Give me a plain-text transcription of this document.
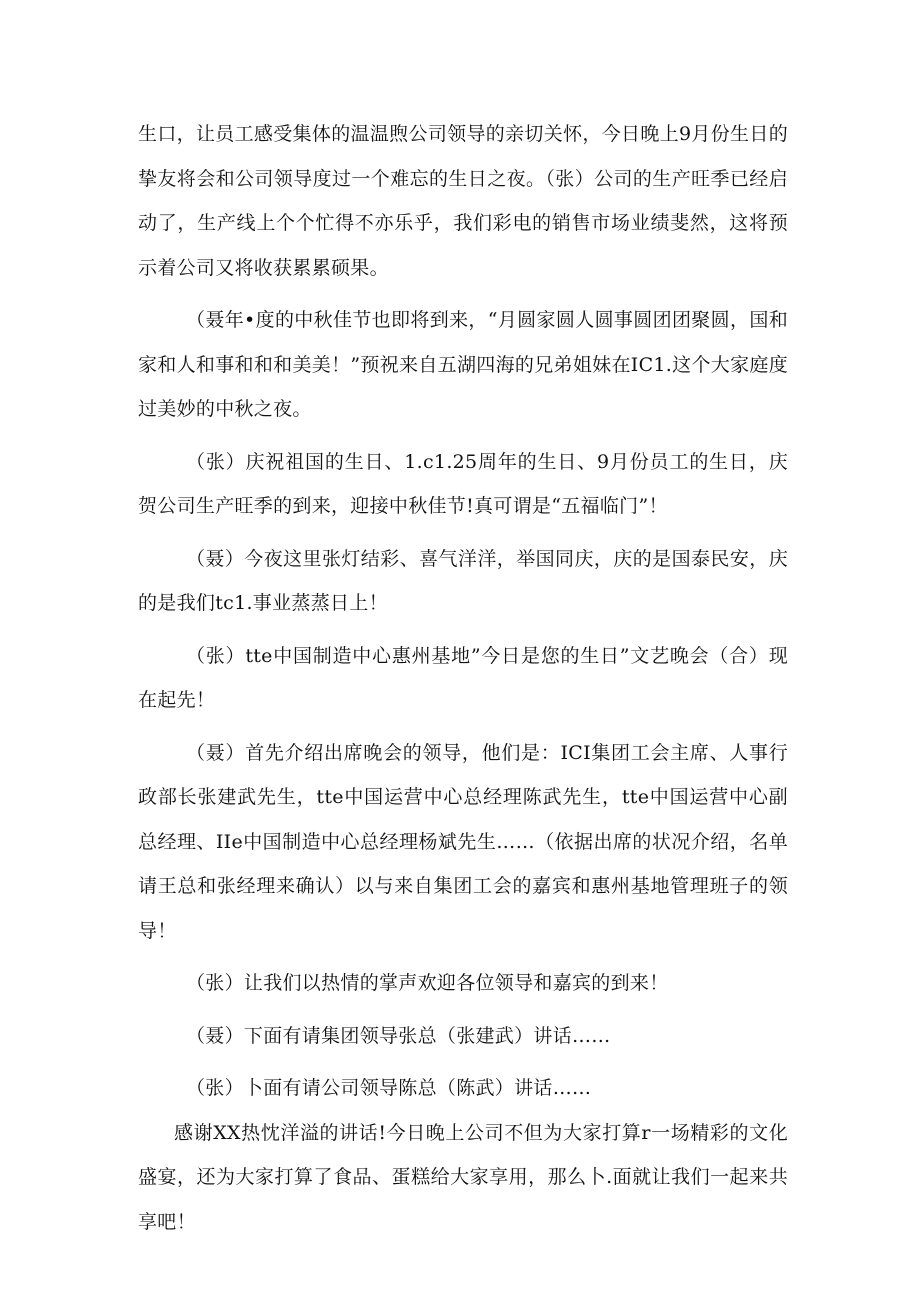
生口，让员工感受集体的温温煦公司领导的亲切关怀，今日晚上9月份生日的挚友将会和公司领导度过一个难忘的生日之夜。（张）公司的生产旺季已经启动了，生产线上个个忙得不亦乐乎，我们彩电的销售市场业绩斐然，这将预示着公司又将收获累累硕果。

（聂年•度的中秋佳节也即将到来，“月圆家圆人圆事圆团团聚圆，国和家和人和事和和和美美！”预祝来自五湖四海的兄弟姐妹在IC1.这个大家庭度过美妙的中秋之夜。

（张）庆祝祖国的生日、1.c1.25周年的生日、9月份员工的生日，庆贺公司生产旺季的到来，迎接中秋佳节!真可谓是“五福临门”！

（聂）今夜这里张灯结彩、喜气洋洋，举国同庆，庆的是国泰民安，庆的是我们tc1.事业蒸蒸日上！

（张）tte中国制造中心惠州基地”今日是您的生日”文艺晚会（合）现在起先！

（聂）首先介绍出席晚会的领导，他们是：ICI集团工会主席、人事行政部长张建武先生，tte中国运营中心总经理陈武先生，tte中国运营中心副总经理、IIe中国制造中心总经理杨斌先生……（依据出席的状况介绍，名单请王总和张经理来确认）以与来自集团工会的嘉宾和惠州基地管理班子的领导！

（张）让我们以热情的掌声欢迎各位领导和嘉宾的到来！

（聂）下面有请集团领导张总（张建武）讲话……

（张）卜面有请公司领导陈总（陈武）讲话……

感谢XX热忱洋溢的讲话!今日晚上公司不但为大家打算r一场精彩的文化盛宴，还为大家打算了食品、蛋糕给大家享用，那么卜.面就让我们一起来共享吧！
